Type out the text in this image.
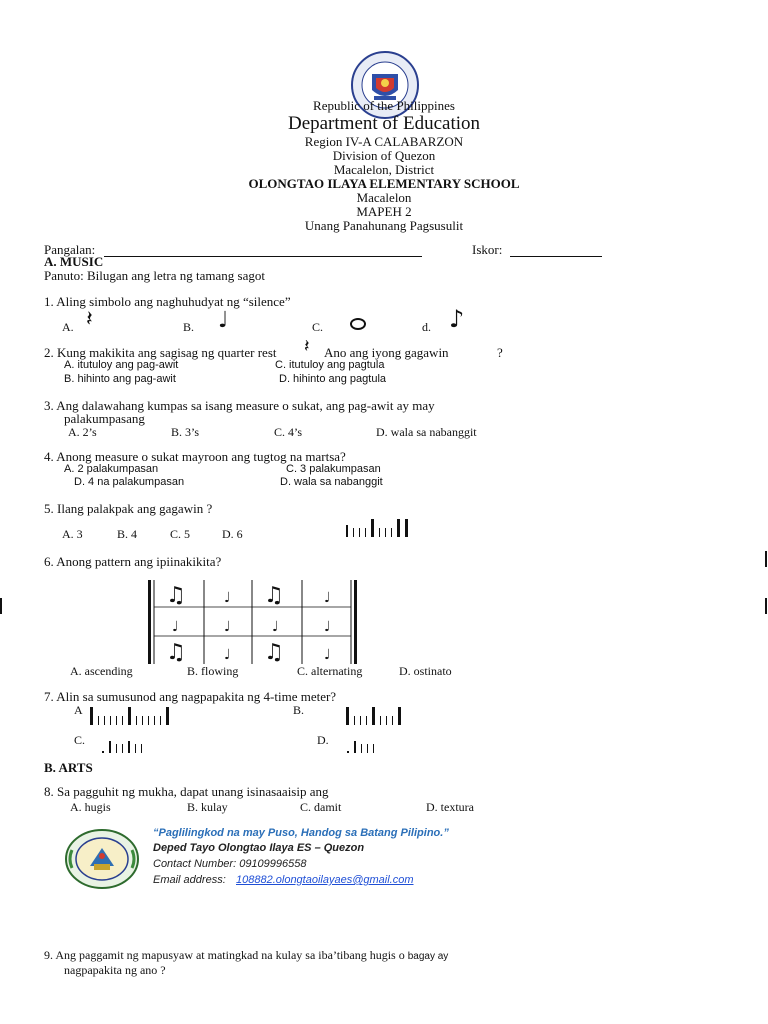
Republic of the Philippines
Department of Education
Region IV-A CALABARZON
Division of Quezon
Macalelon, District
OLONGTAO ILAYA ELEMENTARY SCHOOL
Macalelon
MAPEH 2
Unang Panahunang Pagsusulit
Pangalan:	Iskor:
A. MUSIC
Panuto: Bilugan ang letra ng tamang sagot
1. Aling simbolo ang naghuhudyat ng “silence”
A. 𝄽	B. ♩	C.	d. ♪
2. Kung makikita ang sagisag ng quarter rest 𝄽 Ano ang iyong gagawin	?
A. itutuloy ang pag-awit	C. itutuloy ang pagtula
B. hihinto ang pag-awit	D. hihinto ang pagtula
3. Ang dalawahang kumpas sa isang measure o sukat, ang pag-awit ay may
palakumpasang
A. 2’s	B. 3’s	C. 4’s	D. wala sa nabanggit
4. Anong measure o sukat mayroon ang tugtog na martsa?
A. 2 palakumpasan	C. 3 palakumpasan
D. 4 na palakumpasan	D. wala sa nabanggit
5. Ilang palakpak ang gagawin ?
A. 3	B. 4	C. 5	D. 6
6. Anong pattern ang ipiinakikita?
♫	♩ ♫	♩
♩	♩	♩	♩
♫	♩ ♫	♩
A. ascending	B. flowing	C. alternating	D. ostinato
7. Alin sa sumusunod ang nagpapakita ng 4-time meter?
A	B.
C.	D.
B. ARTS
8. Sa pagguhit ng mukha, dapat unang isinasaaisip ang
A. hugis	B. kulay	C. damit	D. textura
“Paglilingkod na may Puso, Handog sa Batang Pilipino.”
Deped Tayo Olongtao Ilaya ES – Quezon
Contact Number: 09109996558
Email address: 108882.olongtaoilayaes@gmail.com
9. Ang paggamit ng mapusyaw at matingkad na kulay sa iba’tibang hugis o bagay ay
nagpapakita ng ano ?
